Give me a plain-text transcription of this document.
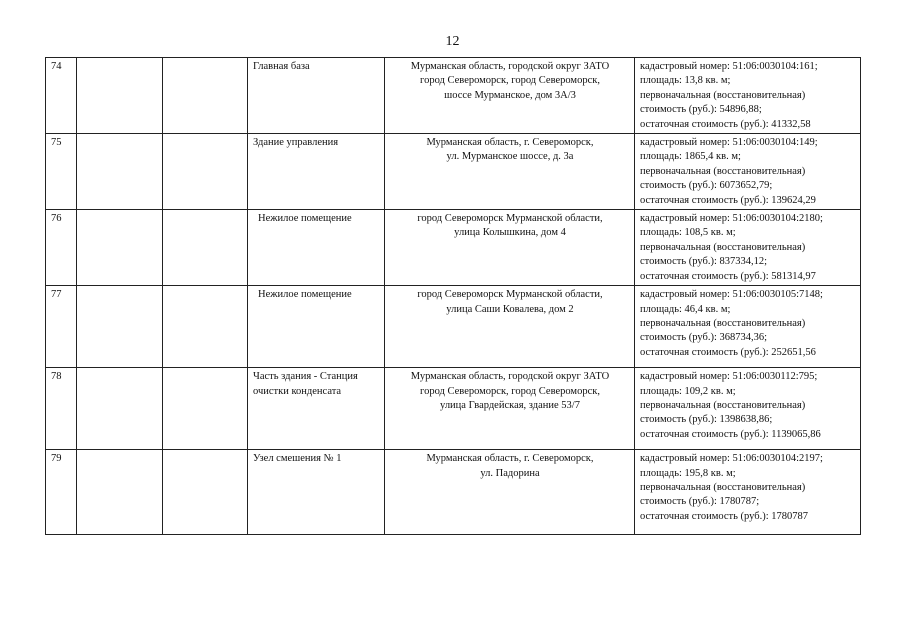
12
74			Главная база	Мурманская область, городской округ ЗАТО
город Североморск, город Североморск,
шоссе Мурманское, дом 3А/3	кадастровый номер: 51:06:0030104:161;
площадь: 13,8 кв. м;
первоначальная (восстановительная)
стоимость (руб.): 54896,88;
остаточная стоимость (руб.): 41332,58

75			Здание управления	Мурманская область, г. Североморск,
ул. Мурманское шоссе, д. 3а	кадастровый номер: 51:06:0030104:149;
площадь: 1865,4 кв. м;
первоначальная (восстановительная)
стоимость (руб.): 6073652,79;
остаточная стоимость (руб.): 139624,29

76			Нежилое помещение	город Североморск Мурманской области,
улица Колышкина, дом 4	кадастровый номер: 51:06:0030104:2180;
площадь: 108,5 кв. м;
первоначальная (восстановительная)
стоимость (руб.): 837334,12;
остаточная стоимость (руб.): 581314,97

77			Нежилое помещение	город Североморск Мурманской области,
улица Саши Ковалева, дом 2	кадастровый номер: 51:06:0030105:7148;
площадь: 46,4 кв. м;
первоначальная (восстановительная)
стоимость (руб.): 368734,36;
остаточная стоимость (руб.): 252651,56

78			Часть здания - Станция
очистки конденсата	Мурманская область, городской округ ЗАТО
город Североморск, город Североморск,
улица Гвардейская, здание 53/7	кадастровый номер: 51:06:0030112:795;
площадь: 109,2 кв. м;
первоначальная (восстановительная)
стоимость (руб.): 1398638,86;
остаточная стоимость (руб.): 1139065,86

79			Узел смешения № 1	Мурманская область, г. Североморск,
ул. Падорина	кадастровый номер: 51:06:0030104:2197;
площадь: 195,8 кв. м;
первоначальная (восстановительная)
стоимость (руб.): 1780787;
остаточная стоимость (руб.): 1780787
